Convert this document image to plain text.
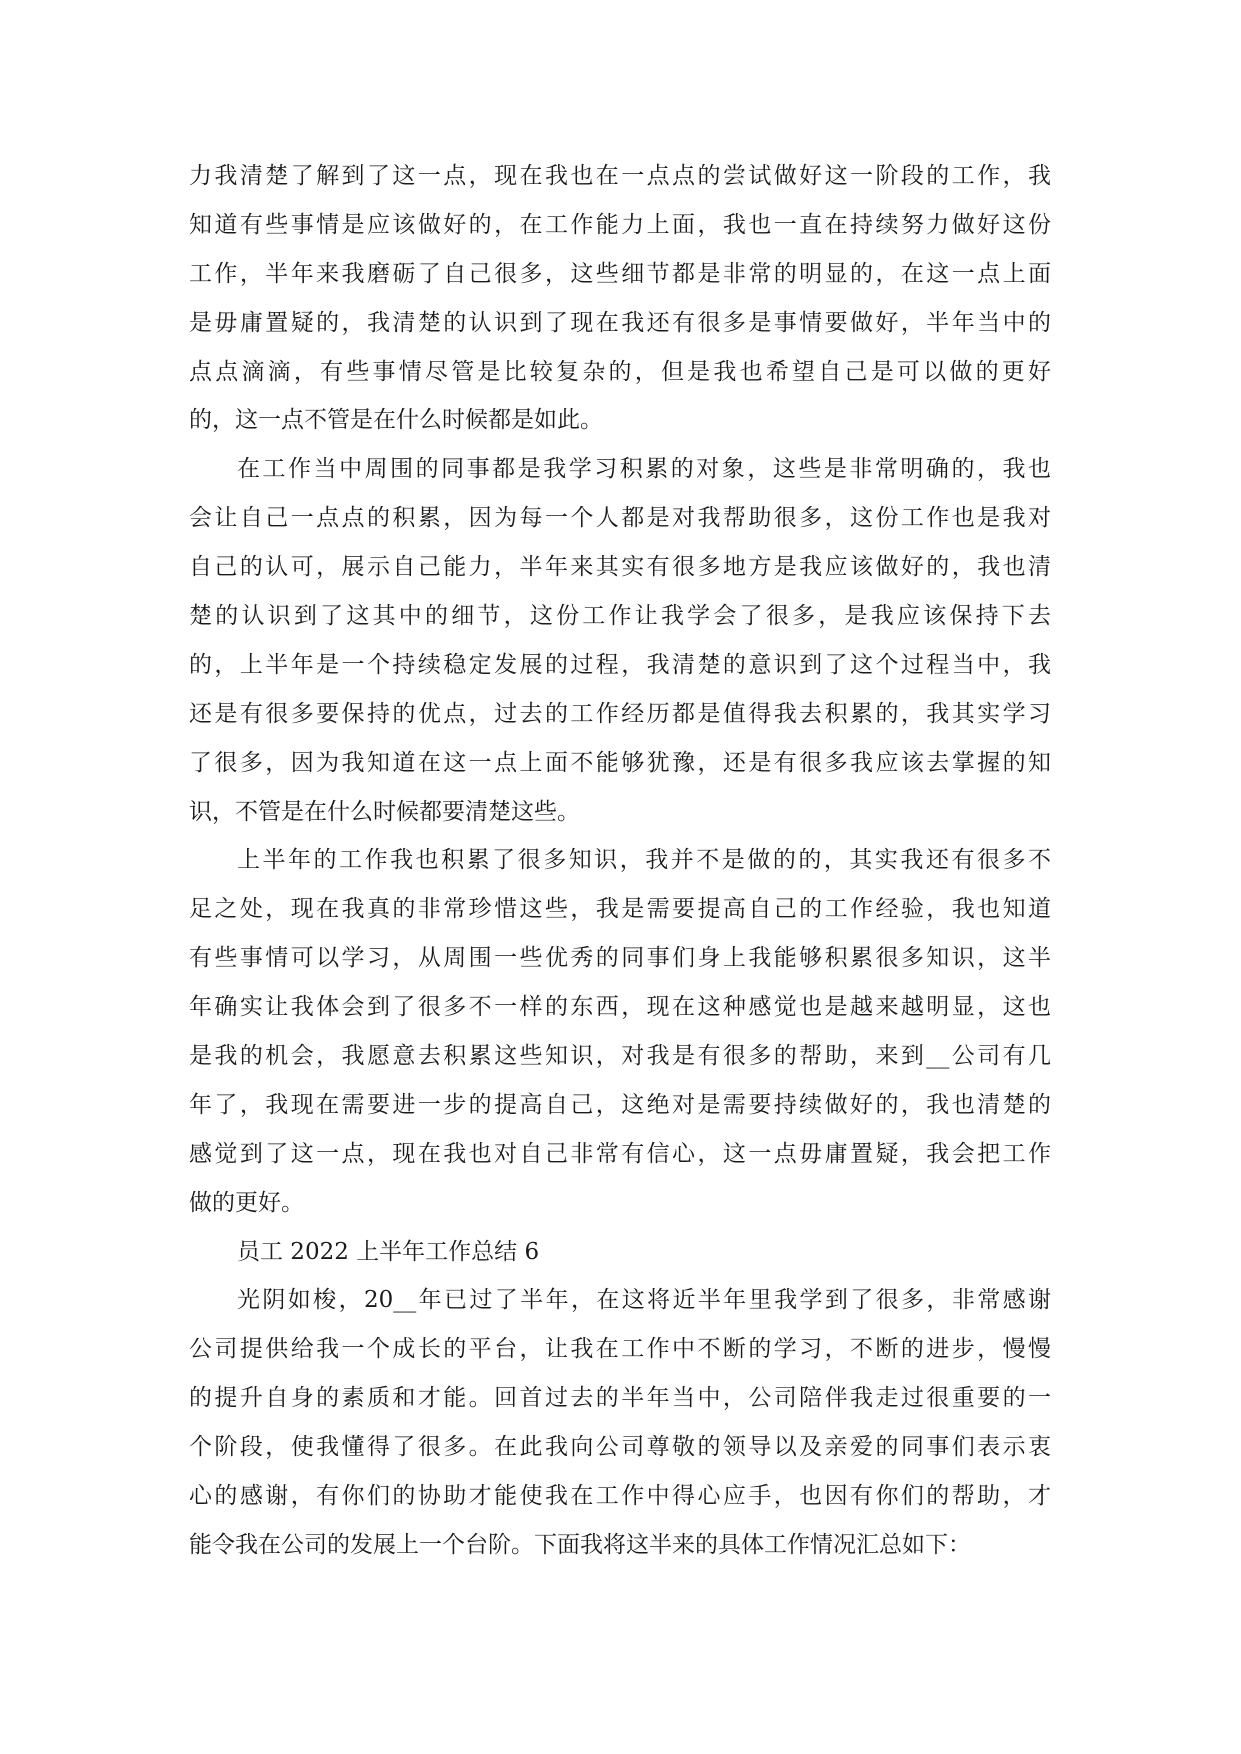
力我清楚了解到了这一点，现在我也在一点点的尝试做好这一阶段的工作，我
知道有些事情是应该做好的，在工作能力上面，我也一直在持续努力做好这份
工作，半年来我磨砺了自己很多，这些细节都是非常的明显的，在这一点上面
是毋庸置疑的，我清楚的认识到了现在我还有很多是事情要做好，半年当中的
点点滴滴，有些事情尽管是比较复杂的，但是我也希望自己是可以做的更好
的，这一点不管是在什么时候都是如此。
在工作当中周围的同事都是我学习积累的对象，这些是非常明确的，我也
会让自己一点点的积累，因为每一个人都是对我帮助很多，这份工作也是我对
自己的认可，展示自己能力，半年来其实有很多地方是我应该做好的，我也清
楚的认识到了这其中的细节，这份工作让我学会了很多，是我应该保持下去
的，上半年是一个持续稳定发展的过程，我清楚的意识到了这个过程当中，我
还是有很多要保持的优点，过去的工作经历都是值得我去积累的，我其实学习
了很多，因为我知道在这一点上面不能够犹豫，还是有很多我应该去掌握的知
识，不管是在什么时候都要清楚这些。
上半年的工作我也积累了很多知识，我并不是做的的，其实我还有很多不
足之处，现在我真的非常珍惜这些，我是需要提高自己的工作经验，我也知道
有些事情可以学习，从周围一些优秀的同事们身上我能够积累很多知识，这半
年确实让我体会到了很多不一样的东西，现在这种感觉也是越来越明显，这也
是我的机会，我愿意去积累这些知识，对我是有很多的帮助，来到__公司有几
年了，我现在需要进一步的提高自己，这绝对是需要持续做好的，我也清楚的
感觉到了这一点，现在我也对自己非常有信心，这一点毋庸置疑，我会把工作
做的更好。
员工 2022 上半年工作总结 6
光阴如梭，20__年已过了半年，在这将近半年里我学到了很多，非常感谢
公司提供给我一个成长的平台，让我在工作中不断的学习，不断的进步，慢慢
的提升自身的素质和才能。回首过去的半年当中，公司陪伴我走过很重要的一
个阶段，使我懂得了很多。在此我向公司尊敬的领导以及亲爱的同事们表示衷
心的感谢，有你们的协助才能使我在工作中得心应手，也因有你们的帮助，才
能令我在公司的发展上一个台阶。下面我将这半来的具体工作情况汇总如下：
